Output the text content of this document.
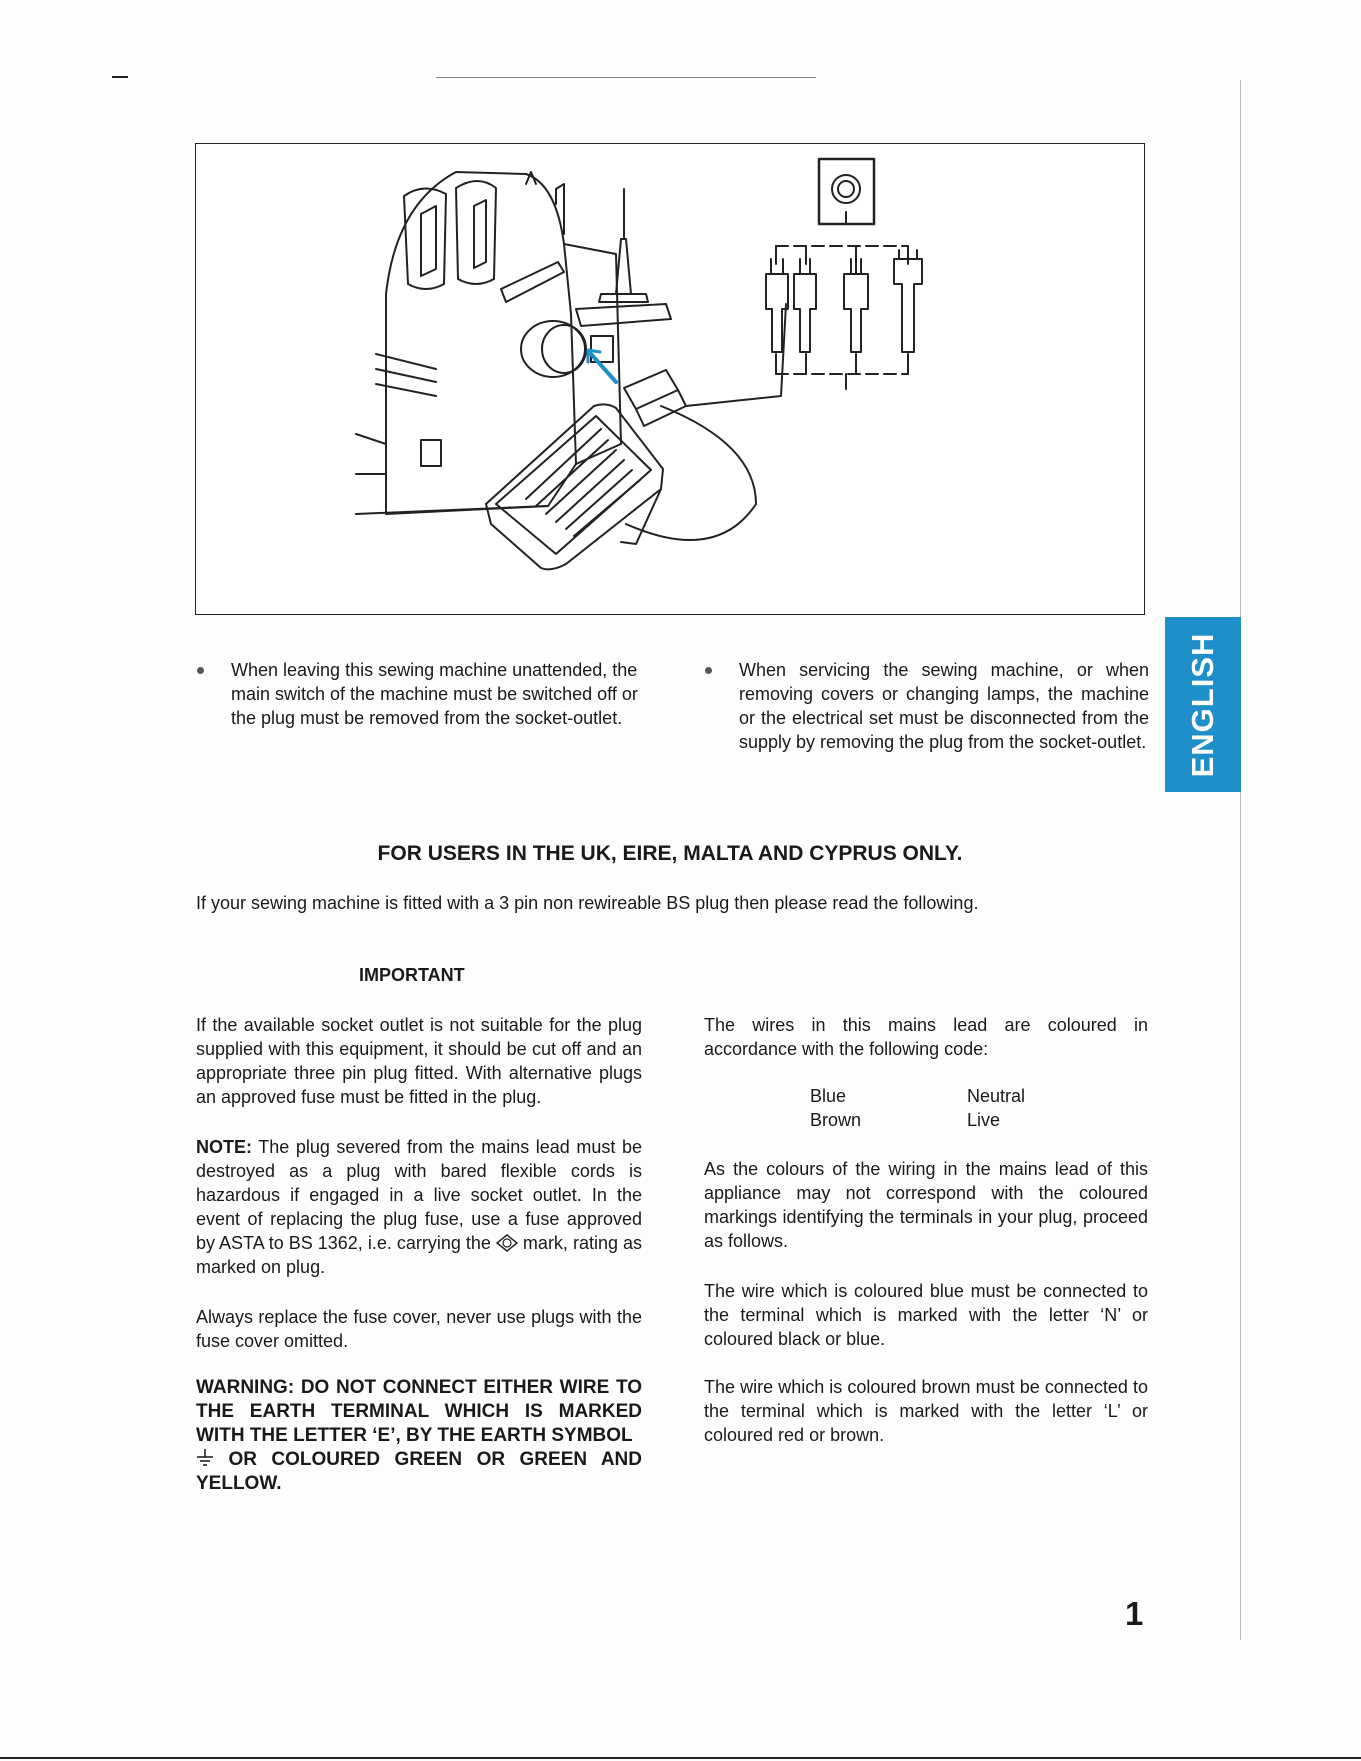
ENGLISH
When leaving this sewing machine unattended, the main switch of the machine must be switched off or the plug must be removed from the socket-outlet.
When servicing the sewing machine, or when removing covers or changing lamps, the machine or the electrical set must be disconnected from the supply by removing the plug from the socket-outlet.
FOR USERS IN THE UK, EIRE, MALTA AND CYPRUS ONLY.
If your sewing machine is fitted with a 3 pin non rewireable BS plug then please read the following.
IMPORTANT

If the available socket outlet is not suitable for the plug supplied with this equipment, it should be cut off and an appropriate three pin plug fitted. With alternative plugs an approved fuse must be fitted in the plug.

NOTE: The plug severed from the mains lead must be destroyed as a plug with bared flexible cords is hazardous if engaged in a live socket outlet. In the event of replacing the plug fuse, use a fuse approved by ASTA to BS 1362, i.e. carrying the  mark, rating as marked on plug.

Always replace the fuse cover, never use plugs with the fuse cover omitted.

WARNING: DO NOT CONNECT EITHER WIRE TO THE EARTH TERMINAL WHICH IS MARKED WITH THE LETTER ‘E’, BY THE EARTH SYMBOL
OR COLOURED GREEN OR GREEN AND YELLOW.

The wires in this mains lead are coloured in accordance with the following code:

As the colours of the wiring in the mains lead of this appliance may not correspond with the coloured markings identifying the terminals in your plug, proceed as follows.

The wire which is coloured blue must be connected to the terminal which is marked with the letter ‘N’ or coloured black or blue.

The wire which is coloured brown must be connected to the terminal which is marked with the letter ‘L’ or coloured red or brown.

Blue	Neutral
Brown	Live
1
